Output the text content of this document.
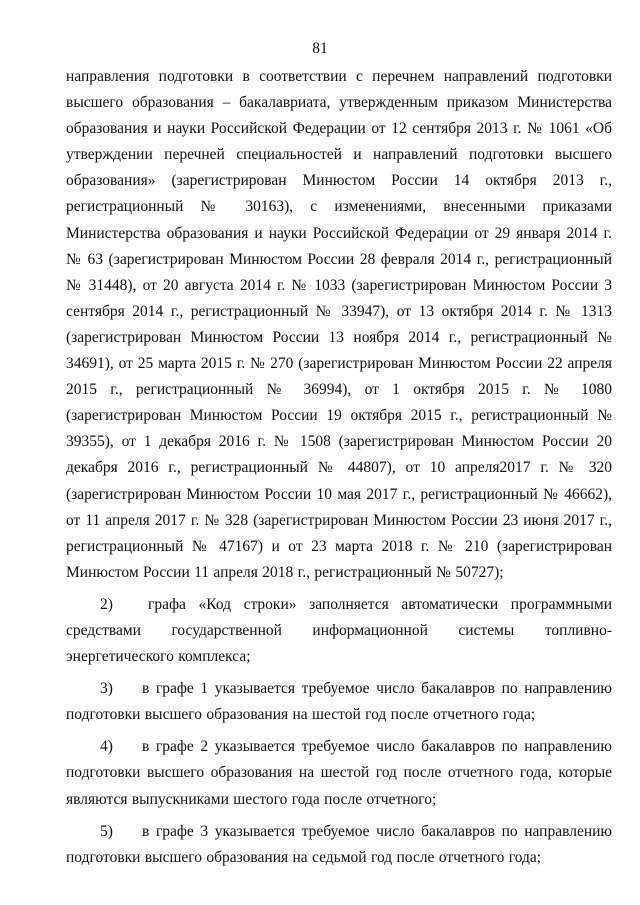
81

направления подготовки в соответствии с перечнем направлений подготовки высшего образования – бакалавриата, утвержденным приказом Министерства образования и науки Российской Федерации от 12 сентября 2013 г. № 1061 «Об утверждении перечней специальностей и направлений подготовки высшего образования» (зарегистрирован Минюстом России 14 октября 2013 г., регистрационный № 30163), с изменениями, внесенными приказами Министерства образования и науки Российской Федерации от 29 января 2014 г. № 63 (зарегистрирован Минюстом России 28 февраля 2014 г., регистрационный № 31448), от 20 августа 2014 г. № 1033 (зарегистрирован Минюстом России 3 сентября 2014 г., регистрационный № 33947), от 13 октября 2014 г. № 1313 (зарегистрирован Минюстом России 13 ноября 2014 г., регистрационный № 34691), от 25 марта 2015 г. № 270 (зарегистрирован Минюстом России 22 апреля 2015 г., регистрационный № 36994), от 1 октября 2015 г. № 1080 (зарегистрирован Минюстом России 19 октября 2015 г., регистрационный № 39355), от 1 декабря 2016 г. № 1508 (зарегистрирован Минюстом России 20 декабря 2016 г., регистрационный № 44807), от 10 апреля2017 г. № 320 (зарегистрирован Минюстом России 10 мая 2017 г., регистрационный № 46662), от 11 апреля 2017 г. № 328 (зарегистрирован Минюстом России 23 июня 2017 г., регистрационный № 47167) и от 23 марта 2018 г. № 210 (зарегистрирован Минюстом России 11 апреля 2018 г., регистрационный № 50727);

2) графа «Код строки» заполняется автоматически программными средствами государственной информационной системы топливно-энергетического комплекса;

3) в графе 1 указывается требуемое число бакалавров по направлению подготовки высшего образования на шестой год после отчетного года;

4) в графе 2 указывается требуемое число бакалавров по направлению подготовки высшего образования на шестой год после отчетного года, которые являются выпускниками шестого года после отчетного;

5) в графе 3 указывается требуемое число бакалавров по направлению подготовки высшего образования на седьмой год после отчетного года;
